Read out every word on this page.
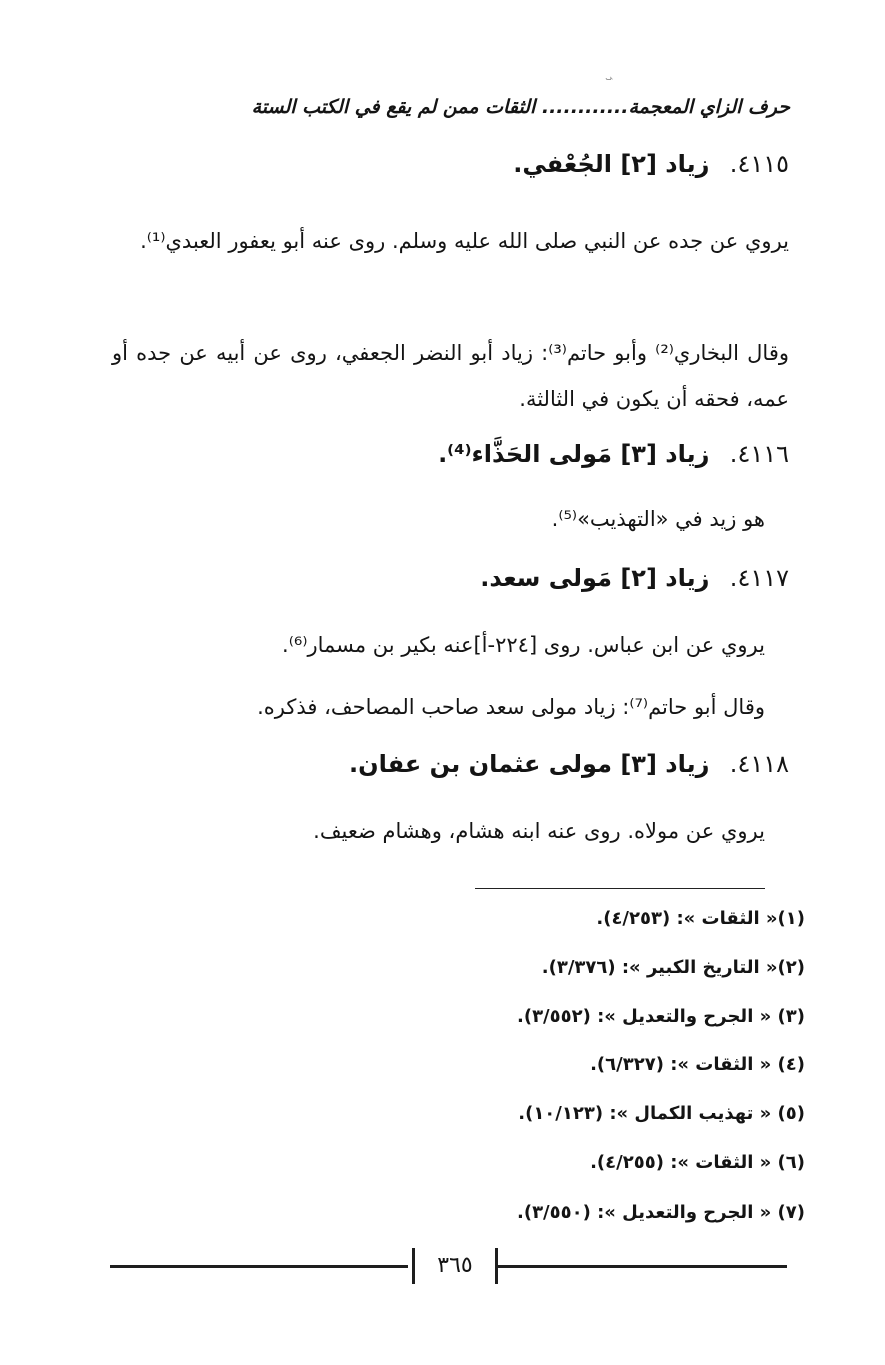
ܝ
حرف الزاي المعجمة............ الثقات ممن لم يقع في الكتب الستة
٤١١٥. زياد [٢] الجُعْفي.
يروي عن جده عن النبي صلى الله عليه وسلم. روى عنه أبو يعفور العبدي⁽¹⁾.
وقال البخاري⁽²⁾ وأبو حاتم⁽³⁾: زياد أبو النضر الجعفي، روى عن أبيه عن جده أو عمه، فحقه أن يكون في الثالثة.
٤١١٦. زياد [٣] مَولى الحَذَّاء⁽⁴⁾.
هو زيد في «التهذيب»⁽⁵⁾.
٤١١٧. زياد [٢] مَولى سعد.
يروي عن ابن عباس. روى [٢٢٤-أ]عنه بكير بن مسمار⁽⁶⁾.
وقال أبو حاتم⁽⁷⁾: زياد مولى سعد صاحب المصاحف، فذكره.
٤١١٨. زياد [٣] مولى عثمان بن عفان.
يروي عن مولاه. روى عنه ابنه هشام، وهشام ضعيف.
(١)« الثقات »: (٤/٢٥٣).
(٢)« التاريخ الكبير »: (٣/٣٧٦).
(٣) « الجرح والتعديل »: (٣/٥٥٢).
(٤) « الثقات »: (٦/٣٢٧).
(٥) « تهذيب الكمال »: (١٠/١٢٣).
(٦) « الثقات »: (٤/٢٥٥).
(٧) « الجرح والتعديل »: (٣/٥٥٠).
٣٦٥
